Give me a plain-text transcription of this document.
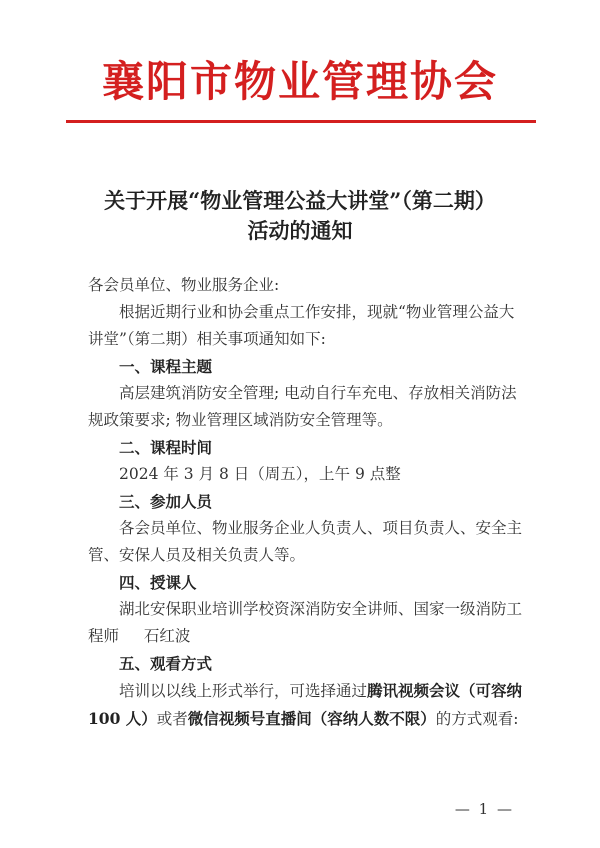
襄阳市物业管理协会
关于开展“物业管理公益大讲堂”（第二期）
活动的通知

各会员单位、物业服务企业:

根据近期行业和协会重点工作安排，现就“物业管理公益大讲堂”（第二期）相关事项通知如下:

一、课程主题

高层建筑消防安全管理; 电动自行车充电、存放相关消防法规政策要求; 物业管理区域消防安全管理等。

二、课程时间

2024 年 3 月 8 日（周五），上午 9 点整

三、参加人员

各会员单位、物业服务企业人负责人、项目负责人、安全主管、安保人员及相关负责人等。

四、授课人

湖北安保职业培训学校资深消防安全讲师、国家一级消防工程师 石红波

五、观看方式

培训以以线上形式举行，可选择通过腾讯视频会议（可容纳 100 人）或者微信视频号直播间（容纳人数不限）的方式观看:

— 1 —
